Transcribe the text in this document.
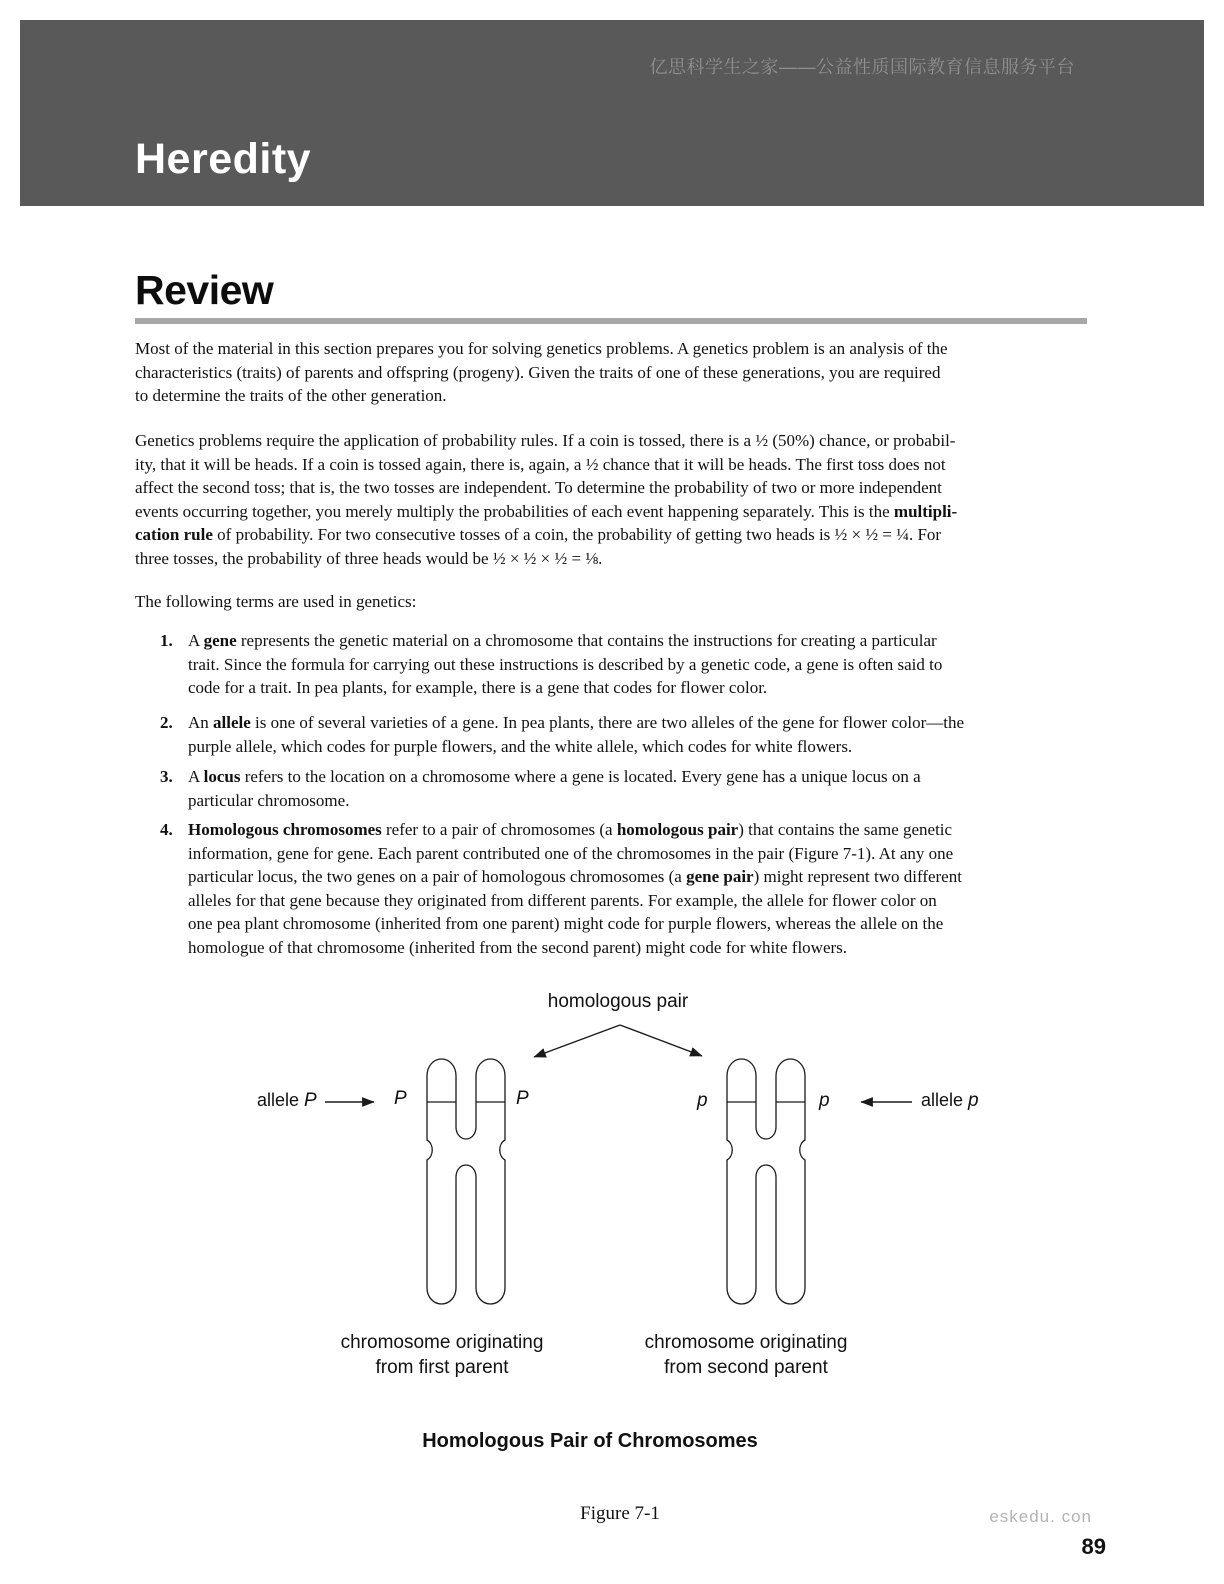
亿思科学生之家——公益性质国际教育信息服务平台
Heredity
Review
Most of the material in this section prepares you for solving genetics problems. A genetics problem is an analysis of the
characteristics (traits) of parents and offspring (progeny). Given the traits of one of these generations, you are required
to determine the traits of the other generation.
Genetics problems require the application of probability rules. If a coin is tossed, there is a ½ (50%) chance, or probabil-
ity, that it will be heads. If a coin is tossed again, there is, again, a ½ chance that it will be heads. The first toss does not
affect the second toss; that is, the two tosses are independent. To determine the probability of two or more independent
events occurring together, you merely multiply the probabilities of each event happening separately. This is the multipli-
cation rule of probability. For two consecutive tosses of a coin, the probability of getting two heads is ½ × ½ = ¼. For
three tosses, the probability of three heads would be ½ × ½ × ½ = ⅛.
The following terms are used in genetics:
1. A gene represents the genetic material on a chromosome that contains the instructions for creating a particular
trait. Since the formula for carrying out these instructions is described by a genetic code, a gene is often said to
code for a trait. In pea plants, for example, there is a gene that codes for flower color.
2. An allele is one of several varieties of a gene. In pea plants, there are two alleles of the gene for flower color—the
purple allele, which codes for purple flowers, and the white allele, which codes for white flowers.
3. A locus refers to the location on a chromosome where a gene is located. Every gene has a unique locus on a
particular chromosome.
4. Homologous chromosomes refer to a pair of chromosomes (a homologous pair) that contains the same genetic
information, gene for gene. Each parent contributed one of the chromosomes in the pair (Figure 7-1). At any one
particular locus, the two genes on a pair of homologous chromosomes (a gene pair) might represent two different
alleles for that gene because they originated from different parents. For example, the allele for flower color on
one pea plant chromosome (inherited from one parent) might code for purple flowers, whereas the allele on the
homologue of that chromosome (inherited from the second parent) might code for white flowers.
homologous pair
allele P	P	P	p	p	allele p
chromosome originating
from first parent
chromosome originating
from second parent
Homologous Pair of Chromosomes
Figure 7-1	eskedu. con
89
